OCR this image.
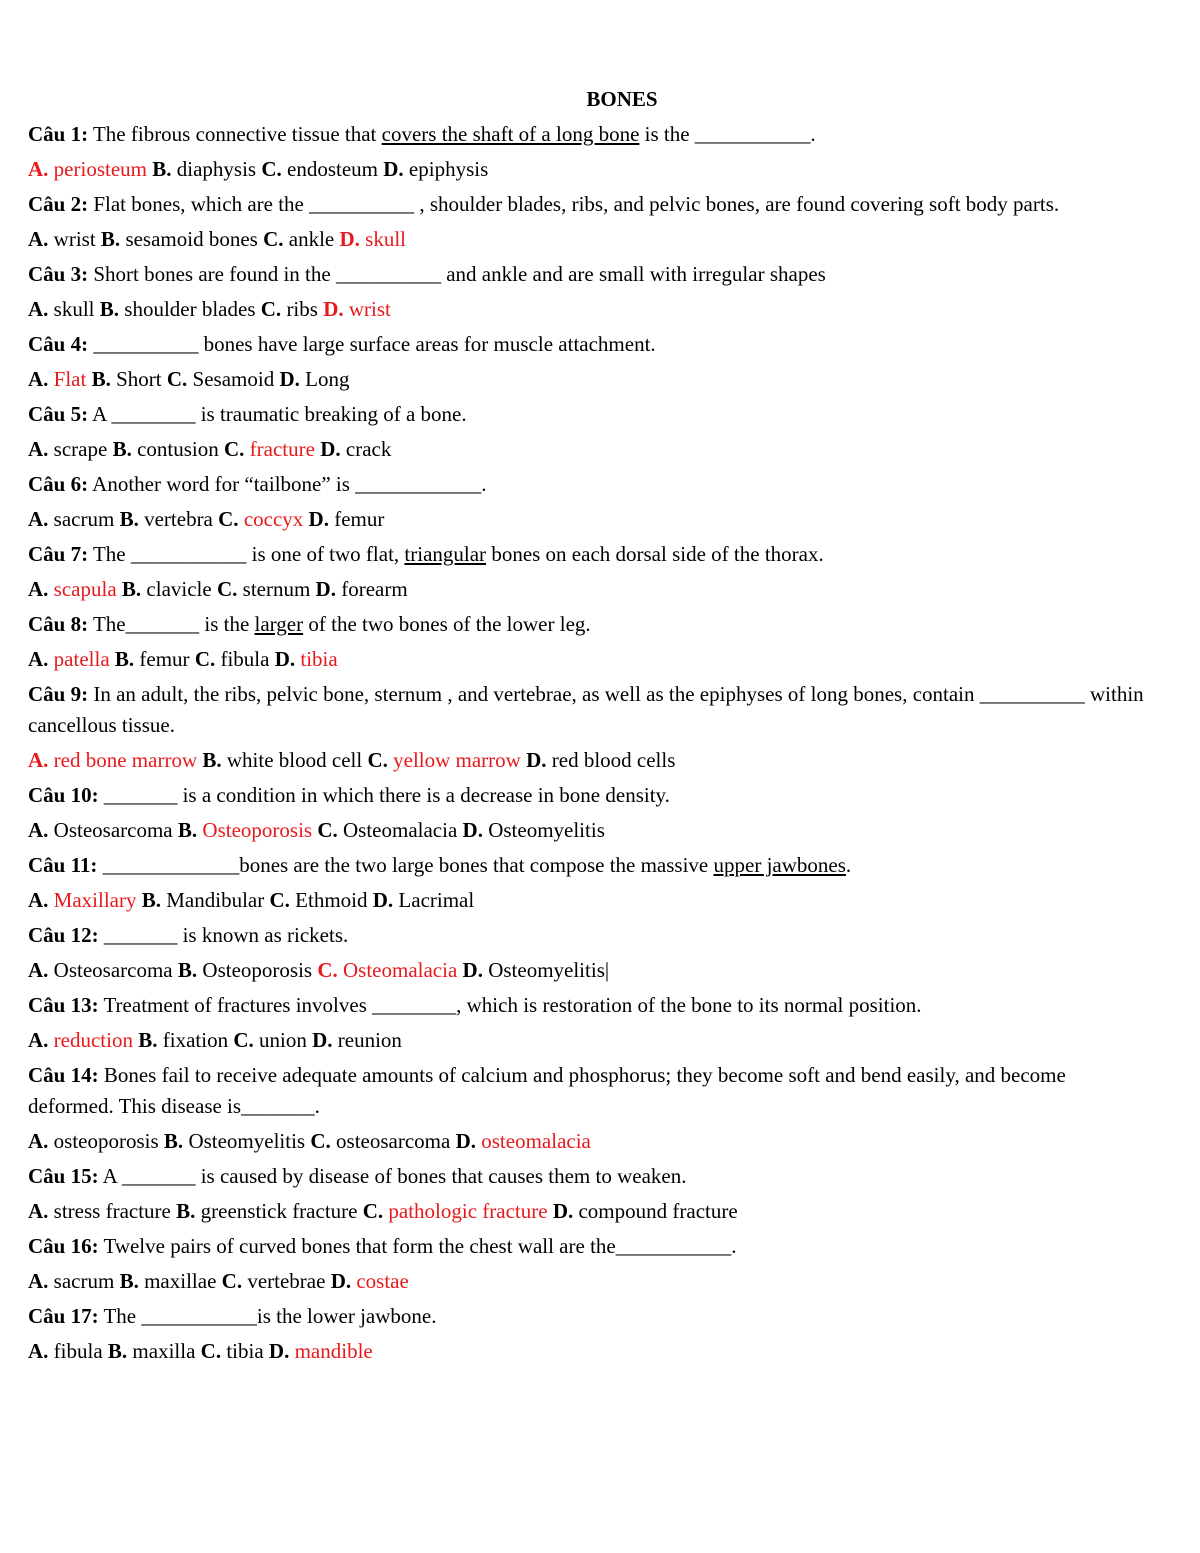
BONES
Câu 1: The fibrous connective tissue that covers the shaft of a long bone is the ___________.
A. periosteum B. diaphysis C. endosteum D. epiphysis
Câu 2: Flat bones, which are the __________ , shoulder blades, ribs, and pelvic bones, are found covering soft body parts.
A. wrist B. sesamoid bones C. ankle D. skull
Câu 3: Short bones are found in the __________ and ankle and are small with irregular shapes
A. skull B. shoulder blades C. ribs D. wrist
Câu 4: __________ bones have large surface areas for muscle attachment.
A. Flat B. Short C. Sesamoid D. Long
Câu 5: A ________ is traumatic breaking of a bone.
A. scrape B. contusion C. fracture D. crack
Câu 6: Another word for “tailbone” is ____________.
A. sacrum B. vertebra C. coccyx D. femur
Câu 7: The ___________ is one of two flat, triangular bones on each dorsal side of the thorax.
A. scapula B. clavicle C. sternum D. forearm
Câu 8: The_______ is the larger of the two bones of the lower leg.
A. patella B. femur C. fibula D. tibia
Câu 9: In an adult, the ribs, pelvic bone, sternum , and vertebrae, as well as the epiphyses of long bones, contain __________ within cancellous tissue.
A. red bone marrow B. white blood cell C. yellow marrow D. red blood cells
Câu 10: _______ is a condition in which there is a decrease in bone density.
A. Osteosarcoma B. Osteoporosis C. Osteomalacia D. Osteomyelitis
Câu 11: _____________bones are the two large bones that compose the massive upper jawbones.
A. Maxillary B. Mandibular C. Ethmoid D. Lacrimal
Câu 12: _______ is known as rickets.
A. Osteosarcoma B. Osteoporosis C. Osteomalacia D. Osteomyelitis|
Câu 13: Treatment of fractures involves ________, which is restoration of the bone to its normal position.
A. reduction B. fixation C. union D. reunion
Câu 14: Bones fail to receive adequate amounts of calcium and phosphorus; they become soft and bend easily, and become deformed. This disease is_______.
A. osteoporosis B. Osteomyelitis C. osteosarcoma D. osteomalacia
Câu 15: A _______ is caused by disease of bones that causes them to weaken.
A. stress fracture B. greenstick fracture C. pathologic fracture D. compound fracture
Câu 16: Twelve pairs of curved bones that form the chest wall are the___________.
A. sacrum B. maxillae C. vertebrae D. costae
Câu 17: The ___________is the lower jawbone.
A. fibula B. maxilla C. tibia D. mandible
